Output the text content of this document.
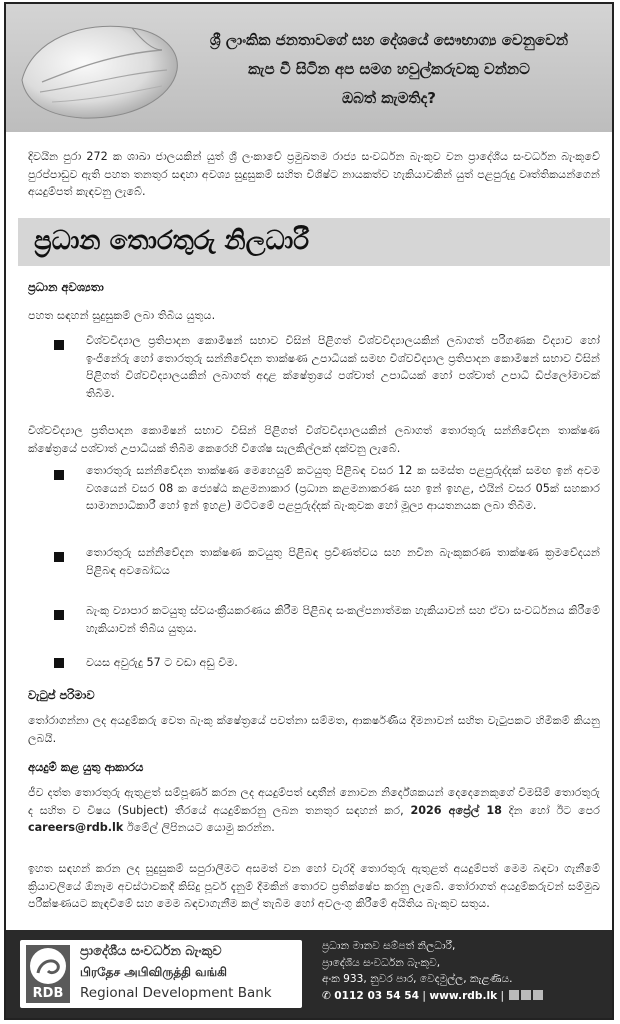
ශ්‍රී ලාංකික ජනතාවගේ සහ දේශයේ සෞභාග්‍ය වෙනුවෙන්
කැප වී සිටින අප සමග හවුල්කරුවකු වන්නට
ඔබත් කැමතිද?
දිවයින පුරා 272 ක ශාඛා ජාලයකින් යුත් ශ්‍රී ලංකාවේ ප්‍රමුඛතම රාජ්‍ය සංවර්ධන බැංකුව වන ප්‍රාදේශීය සංවර්ධන බැංකුවේ පුරප්පාඩුව ඇති පහත තනතුර සඳහා අවශ්‍ය සුදුසුකම් සහිත විශිෂ්ට නායකත්ව හැකියාවකින් යුත් පළපුරුදු වෘත්තිකයන්ගෙන් අයදුම්පත් කැඳවනු ලැබේ.
ප්‍රධාන තොරතුරු නිලධාරී
ප්‍රධාන අවශ්‍යතා
පහත සඳහන් සුදුසුකම් ලබා තිබිය යුතුය.
විශ්වවිද්‍යාල ප්‍රතිපාදන කොමිෂන් සභාව විසින් පිළිගත් විශ්වවිද්‍යාලයකින් ලබාගත් පරිගණක විද්‍යාව හෝ ඉංජිනේරු හෝ තොරතුරු සන්නිවේදන තාක්ෂණ උපාධියක් සමඟ විශ්වවිද්‍යාල ප්‍රතිපාදන කොමිෂන් සභාව විසින් පිළිගත් විශ්වවිද්‍යාලයකින් ලබාගත් අදාළ ක්ෂේත්‍රයේ පශ්චාත් උපාධියක් හෝ පශ්චාත් උපාධි ඩිප්ලෝමාවක් තිබීම.
විශ්වවිද්‍යාල ප්‍රතිපාදන කොමිෂන් සභාව විසින් පිළිගත් විශ්වවිද්‍යාලයකින් ලබාගත් තොරතුරු සන්නිවේදන තාක්ෂණ ක්ෂේත්‍රයේ පශ්චාත් උපාධියක් තිබීම කෙරෙහි විශේෂ සැලකිල්ලක් දක්වනු ලැබේ.
තොරතුරු සන්නිවේදන තාක්ෂණ මෙහෙයුම් කටයුතු පිළිබඳ වසර 12 ක සමස්ත පළපුරුද්දක් සමඟ ඉන් අවම වශයෙන් වසර 08 ක ජ්‍යෙෂ්ඨ කළමනාකාර (ප්‍රධාන කළමනාකරණ සහ ඉන් ඉහළ, එයින් වසර 05ක් සහකාර සාමාන්‍යාධිකාරී හෝ ඉන් ඉහළ) මට්ටමේ පළපුරුද්දක් බැංකුවක හෝ මූල්‍ය ආයතනයක ලබා තිබීම.
තොරතුරු සන්නිවේදන තාක්ෂණ කටයුතු පිළිබඳ ප්‍රවිණත්වය සහ නවීන බැංකුකරණ තාක්ෂණ ක්‍රමවේදයන් පිළිබඳ අවබෝධය
බැංකු ව්‍යාපාර කටයුතු ස්වයංක්‍රීයකරණය කිරීම පිළිබඳ සංකල්පනාත්මක හැකියාවන් සහ ඒවා සංවර්ධනය කිරීමේ හැකියාවන් තිබිය යුතුය.
වයස අවුරුදු 57 ට වඩා අඩු වීම.
වැටුප් පරිමාව
තෝරාගන්නා ලද අයදුම්කරු වෙත බැංකු ක්ෂේත්‍රයේ පවත්නා සම්මත, ආකර්ෂණීය දීමනාවන් සහිත වැටුපකට හිමිකම් කියනු ලබයි.
අයදුම් කළ යුතු ආකාරය
ජීව දත්ත තොරතුරු ඇතුළත් සම්පූර්ණ කරන ලද අයදුම්පත් ඥාතීන් නොවන නිර්දේශකයන් දෙදෙනෙකුගේ විමසීම් තොරතුරු ද සහිත ව විෂය (Subject) තීරයේ අයදුම්කරනු ලබන තනතුර සඳහන් කර, 2026 අප්‍රේල් 18 දින හෝ ඊට පෙර careers@rdb.lk ඊමේල් ලිපිනයට යොමු කරන්න.
ඉහත සඳහන් කරන ලද සුදුසුකම් සපුරාලීමට අසමත් වන හෝ වැරදි තොරතුරු ඇතුළත් අයදුම්පත් මෙම බඳවා ගැනීමේ ක්‍රියාවලියේ ඕනෑම අවස්ථාවකදී කිසිදු පූර්ව දැනුම් දීමකින් තොරව ප්‍රතික්ෂේප කරනු ලැබේ. තෝරාගත් අයදුම්කරුවන් සම්මුඛ පරීක්ෂණයට කැඳවීමේ සහ මෙම බඳවාගැනීම කල් තැබීම හෝ අවලංගු කිරීමේ අයිතිය බැංකුව සතුය.
RDB
ප්‍රාදේශීය සංවර්ධන බැංකුව
பிரதேச அபிவிருத்தி வங்கி
Regional Development Bank
ප්‍රධාන මානව සම්පත් නිලධාරී,
ප්‍රාදේශීය සංවර්ධන බැංකුව,
අංක 933, නුවර පාර, වෙදමුල්ල, කැළණිය.
✆ 0112 03 54 54 | www.rdb.lk |
